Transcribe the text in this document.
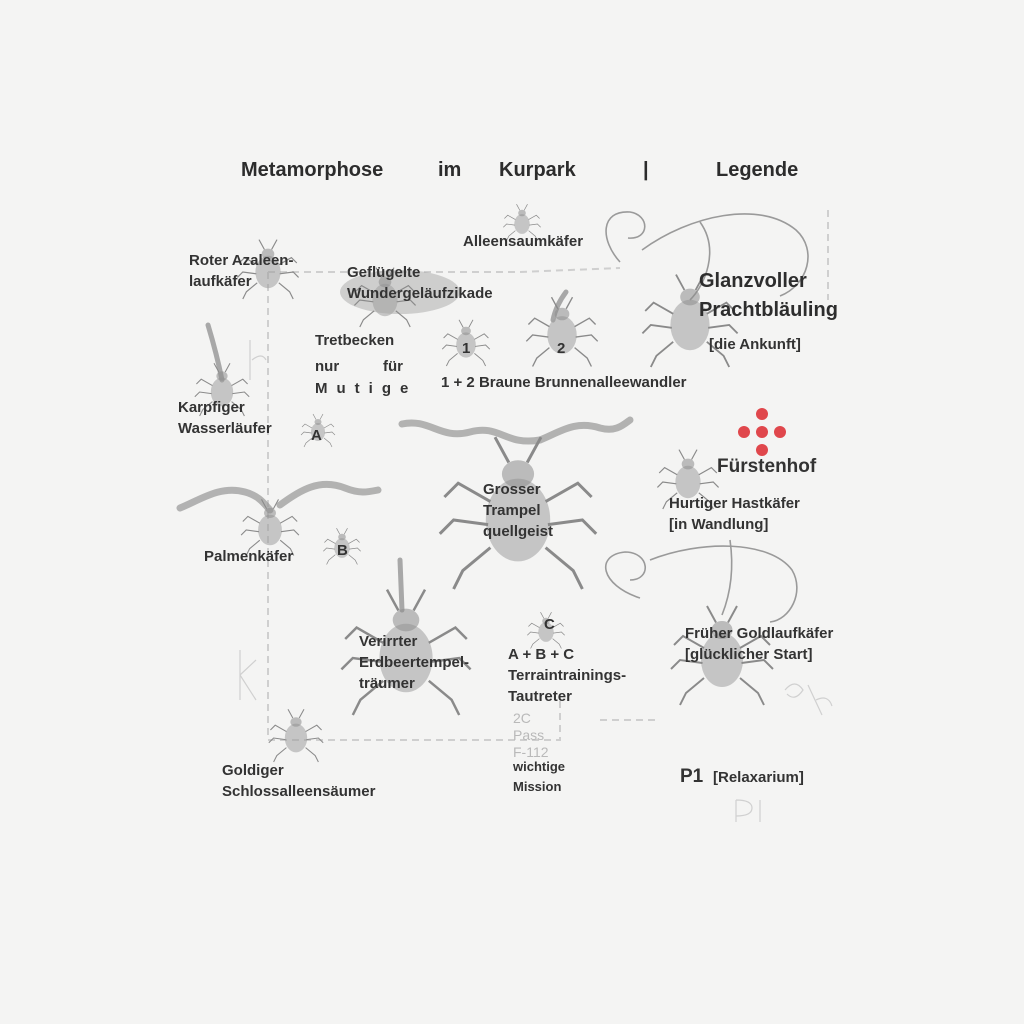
Metamorphose	im Kurpark	|	Legende

Roter Azaleen-
laufkäfer

Alleensaumkäfer

Geflügelte
Wundergeläufzikade
Glanzvoller
Prachtbläuling

[die Ankunft]

Tretbecken

nur	für

Mutige

1	2

1 + 2 Braune Brunnenalleewandler

Karpfiger
Wasserläufer	A

Fürstenhof

Grosser
Trampel
quellgeist
Hurtiger Hastkäfer
[in Wandlung]

Palmenkäfer	B

C

A + B + C
Terraintrainings-
Tautreter
Verirrter
Erdbeertempel-
träumer
Früher Goldlaufkäfer
[glücklicher Start]
2C
Pass
F-112
wichtige
Mission
Goldiger
Schlossalleensäumer

P1 [Relaxarium]
